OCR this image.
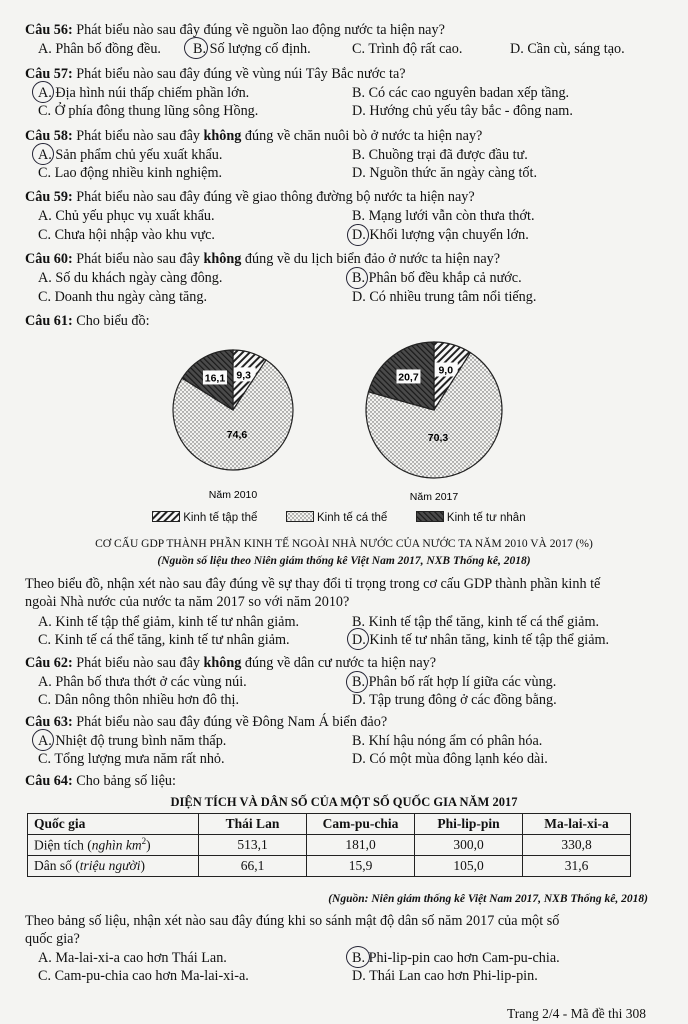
Câu 56: Phát biểu nào sau đây đúng về nguồn lao động nước ta hiện nay?
A. Phân bố đồng đều. B. Số lượng cố định.	C. Trình độ rất cao.	D. Cần cù, sáng tạo.
Câu 57: Phát biểu nào sau đây đúng về vùng núi Tây Bắc nước ta?
A. Địa hình núi thấp chiếm phần lớn.	B. Có các cao nguyên badan xếp tầng.
C. Ở phía đông thung lũng sông Hồng.	D. Hướng chủ yếu tây bắc - đông nam.
Câu 58: Phát biểu nào sau đây không đúng về chăn nuôi bò ở nước ta hiện nay?
A. Sản phẩm chủ yếu xuất khẩu.	B. Chuồng trại đã được đầu tư.
C. Lao động nhiều kinh nghiệm.	D. Nguồn thức ăn ngày càng tốt.
Câu 59: Phát biểu nào sau đây đúng về giao thông đường bộ nước ta hiện nay?
A. Chủ yếu phục vụ xuất khẩu.	B. Mạng lưới vẫn còn thưa thớt.
C. Chưa hội nhập vào khu vực.	D. Khối lượng vận chuyển lớn.
Câu 60: Phát biểu nào sau đây không đúng về du lịch biển đảo ở nước ta hiện nay?
A. Số du khách ngày càng đông.	B. Phân bố đều khắp cả nước.
C. Doanh thu ngày càng tăng.	D. Có nhiều trung tâm nổi tiếng.
Câu 61: Cho biểu đồ:
9,3
74,6
16,1
Năm 2010
9,0
70,3
20,7
Năm 2017
Kinh tế tập thể	Kinh tế cá thể	Kinh tế tư nhân
CƠ CẤU GDP THÀNH PHẦN KINH TẾ NGOÀI NHÀ NƯỚC CỦA NƯỚC TA NĂM 2010 VÀ 2017 (%)
(Nguồn số liệu theo Niên giám thống kê Việt Nam 2017, NXB Thống kê, 2018)
Theo biểu đồ, nhận xét nào sau đây đúng về sự thay đổi tỉ trọng trong cơ cấu GDP thành phần kinh tế
ngoài Nhà nước của nước ta năm 2017 so với năm 2010?
A. Kinh tế tập thể giảm, kinh tế tư nhân giảm.	B. Kinh tế tập thể tăng, kinh tế cá thể giảm.
C. Kinh tế cá thể tăng, kinh tế tư nhân giảm.	D. Kinh tế tư nhân tăng, kinh tế tập thể giảm.
Câu 62: Phát biểu nào sau đây không đúng về dân cư nước ta hiện nay?
A. Phân bố thưa thớt ở các vùng núi.	B. Phân bố rất hợp lí giữa các vùng.
C. Dân nông thôn nhiều hơn đô thị.	D. Tập trung đông ở các đồng bằng.
Câu 63: Phát biểu nào sau đây đúng về Đông Nam Á biển đảo?
A. Nhiệt độ trung bình năm thấp.	B. Khí hậu nóng ẩm có phân hóa.
C. Tổng lượng mưa năm rất nhỏ.	D. Có một mùa đông lạnh kéo dài.
Câu 64: Cho bảng số liệu:
DIỆN TÍCH VÀ DÂN SỐ CỦA MỘT SỐ QUỐC GIA NĂM 2017
Quốc gia	Thái Lan	Cam-pu-chia	Phi-lip-pin	Ma-lai-xi-a
Diện tích (nghìn $km^2$)	513,1	181,0	300,0	330,8
Dân số (triệu người)	66,1	15,9	105,0	31,6
(Nguồn: Niên giám thống kê Việt Nam 2017, NXB Thống kê, 2018)
Theo bảng số liệu, nhận xét nào sau đây đúng khi so sánh mật độ dân số năm 2017 của một số
quốc gia?
A. Ma-lai-xi-a cao hơn Thái Lan.	B. Phi-lip-pin cao hơn Cam-pu-chia.
C. Cam-pu-chia cao hơn Ma-lai-xi-a.	D. Thái Lan cao hơn Phi-lip-pin.
Trang 2/4 - Mã đề thi 308
